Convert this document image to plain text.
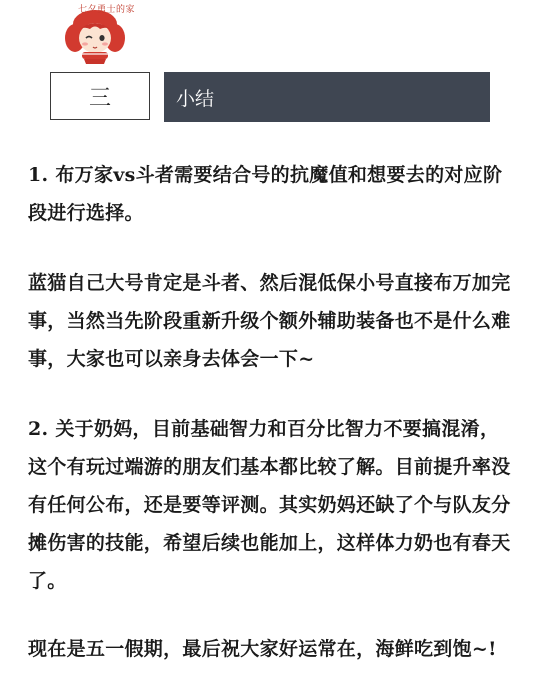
七夕勇士的家
三	小结

1. 布万家vs斗者需要结合号的抗魔值和想要去的对应阶段进行选择。

蓝猫自己大号肯定是斗者、然后混低保小号直接布万加完事，当然当先阶段重新升级个额外辅助装备也不是什么难事，大家也可以亲身去体会一下~

2. 关于奶妈，目前基础智力和百分比智力不要搞混淆，这个有玩过端游的朋友们基本都比较了解。目前提升率没有任何公布，还是要等评测。其实奶妈还缺了个与队友分摊伤害的技能，希望后续也能加上，这样体力奶也有春天了。

现在是五一假期，最后祝大家好运常在，海鲜吃到饱~!
